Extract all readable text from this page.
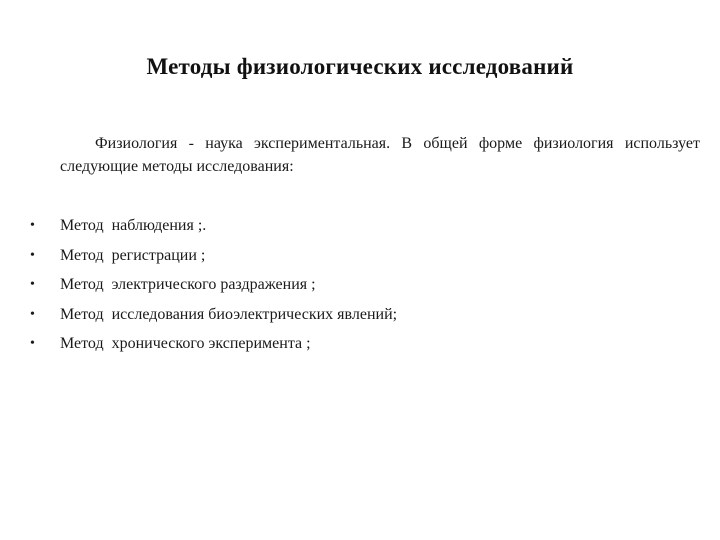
Методы физиологических исследований
Физиология - наука экспериментальная. В общей форме физиология использует следующие методы исследования:
• Метод  наблюдения ;.
• Метод  регистрации ;
• Метод  электрического раздражения ;
• Метод  исследования биоэлектрических явлений;
• Метод  хронического эксперимента ;
